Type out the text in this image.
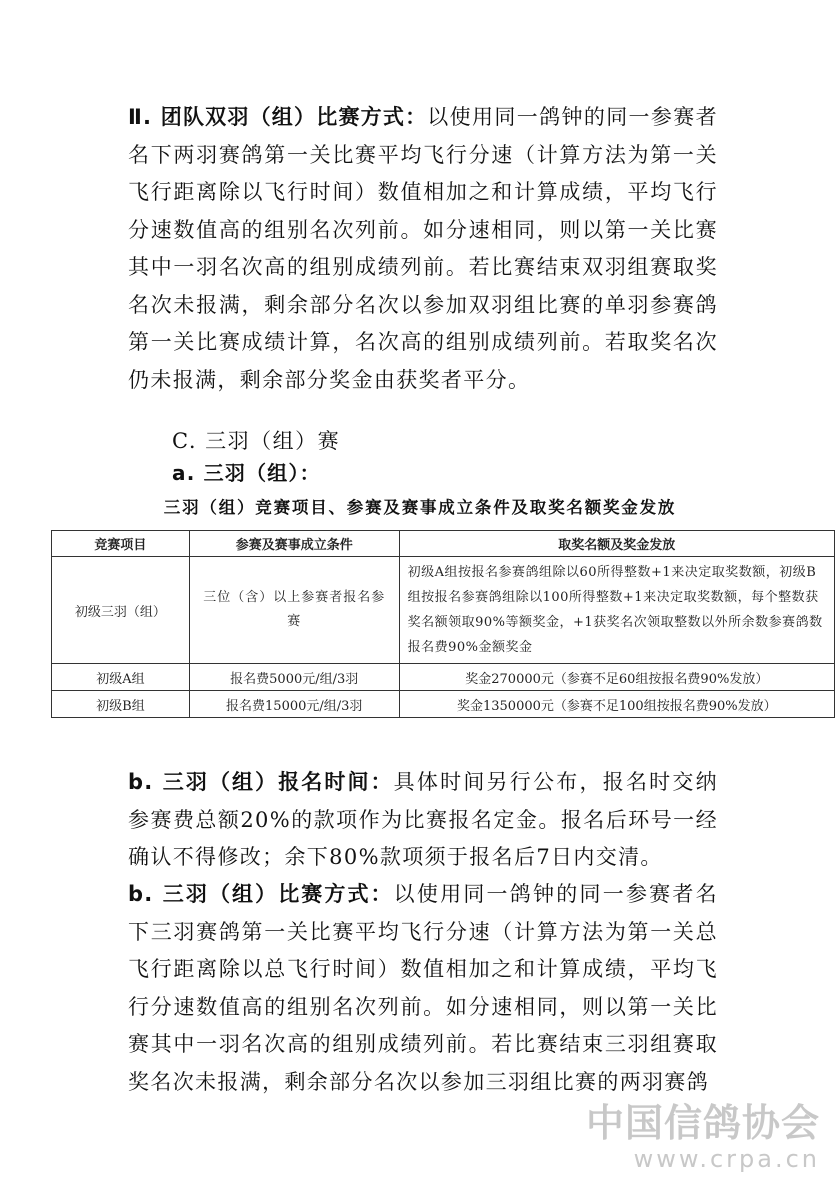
Ⅱ. 团队双羽（组）比赛方式：以使用同一鸽钟的同一参赛者名下两羽赛鸽第一关比赛平均飞行分速（计算方法为第一关飞行距离除以飞行时间）数值相加之和计算成绩，平均飞行分速数值高的组别名次列前。如分速相同，则以第一关比赛其中一羽名次高的组别成绩列前。若比赛结束双羽组赛取奖名次未报满，剩余部分名次以参加双羽组比赛的单羽参赛鸽第一关比赛成绩计算，名次高的组别成绩列前。若取奖名次仍未报满，剩余部分奖金由获奖者平分。

C. 三羽（组）赛

a. 三羽（组）：

三羽（组）竞赛项目、参赛及赛事成立条件及取奖名额奖金发放
竞赛项目	参赛及赛事成立条件	取奖名额及奖金发放
初级三羽（组）	三位（含）以上参赛者报名参赛	初级A组按报名参赛鸽组除以60所得整数+1来决定取奖数额，初级B组按报名参赛鸽组除以100所得整数+1来决定取奖数额，每个整数获奖名额领取90%等额奖金，+1获奖名次领取整数以外所余数参赛鸽数报名费90%金额奖金
初级A组	报名费5000元/组/3羽	奖金270000元（参赛不足60组按报名费90%发放）
初级B组	报名费15000元/组/3羽	奖金1350000元（参赛不足100组按报名费90%发放）

b. 三羽（组）报名时间：具体时间另行公布，报名时交纳参赛费总额20%的款项作为比赛报名定金。报名后环号一经确认不得修改；余下80%款项须于报名后7日内交清。

b. 三羽（组）比赛方式：以使用同一鸽钟的同一参赛者名下三羽赛鸽第一关比赛平均飞行分速（计算方法为第一关总飞行距离除以总飞行时间）数值相加之和计算成绩，平均飞行分速数值高的组别名次列前。如分速相同，则以第一关比赛其中一羽名次高的组别成绩列前。若比赛结束三羽组赛取奖名次未报满，剩余部分名次以参加三羽组比赛的两羽赛鸽

中国信鸽协会
www.crpa.cn
